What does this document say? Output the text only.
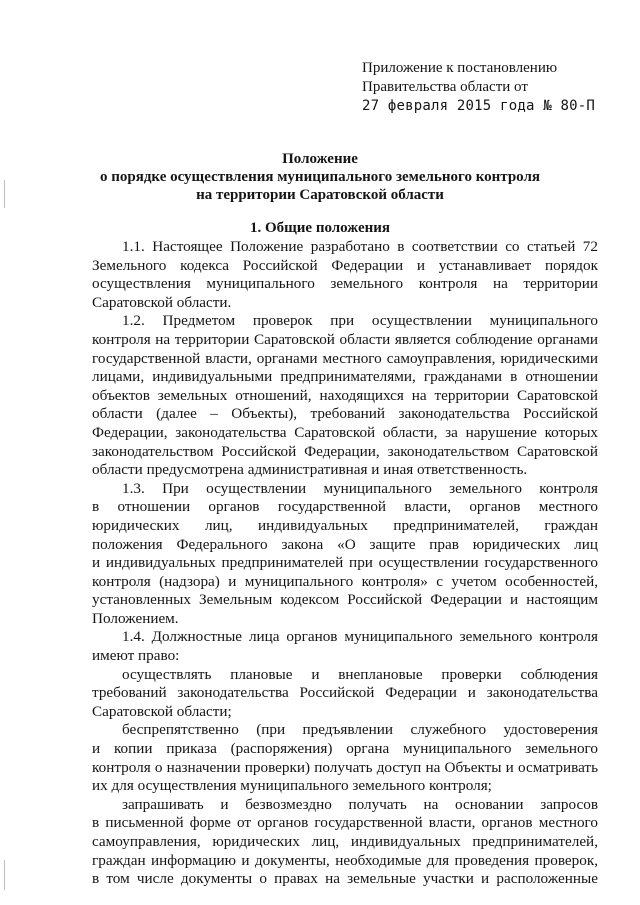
Приложение к постановлению
Правительства области от
27 февраля 2015 года № 80-П
Положение
о порядке осуществления муниципального земельного контроля
на территории Саратовской области
1. Общие положения
1.1. Настоящее Положение разработано в соответствии со статьей 72
Земельного кодекса Российской Федерации и устанавливает порядок
осуществления муниципального земельного контроля на территории
Саратовской области.
1.2. Предметом проверок при осуществлении муниципального
контроля на территории Саратовской области является соблюдение органами
государственной власти, органами местного самоуправления, юридическими
лицами, индивидуальными предпринимателями, гражданами в отношении
объектов земельных отношений, находящихся на территории Саратовской
области (далее – Объекты), требований законодательства Российской
Федерации, законодательства Саратовской области, за нарушение которых
законодательством Российской Федерации, законодательством Саратовской
области предусмотрена административная и иная ответственность.
1.3. При осуществлении муниципального земельного контроля
в отношении органов государственной власти, органов местного
юридических лиц, индивидуальных предпринимателей, граждан
положения Федерального закона «О защите прав юридических лиц
и индивидуальных предпринимателей при осуществлении государственного
контроля (надзора) и муниципального контроля» с учетом особенностей,
установленных Земельным кодексом Российской Федерации и настоящим
Положением.
1.4. Должностные лица органов муниципального земельного контроля
имеют право:
осуществлять плановые и внеплановые проверки соблюдения
требований законодательства Российской Федерации и законодательства
Саратовской области;
беспрепятственно (при предъявлении служебного удостоверения
и копии приказа (распоряжения) органа муниципального земельного
контроля о назначении проверки) получать доступ на Объекты и осматривать
их для осуществления муниципального земельного контроля;
запрашивать и безвозмездно получать на основании запросов
в письменной форме от органов государственной власти, органов местного
самоуправления, юридических лиц, индивидуальных предпринимателей,
граждан информацию и документы, необходимые для проведения проверок,
в том числе документы о правах на земельные участки и расположенные
